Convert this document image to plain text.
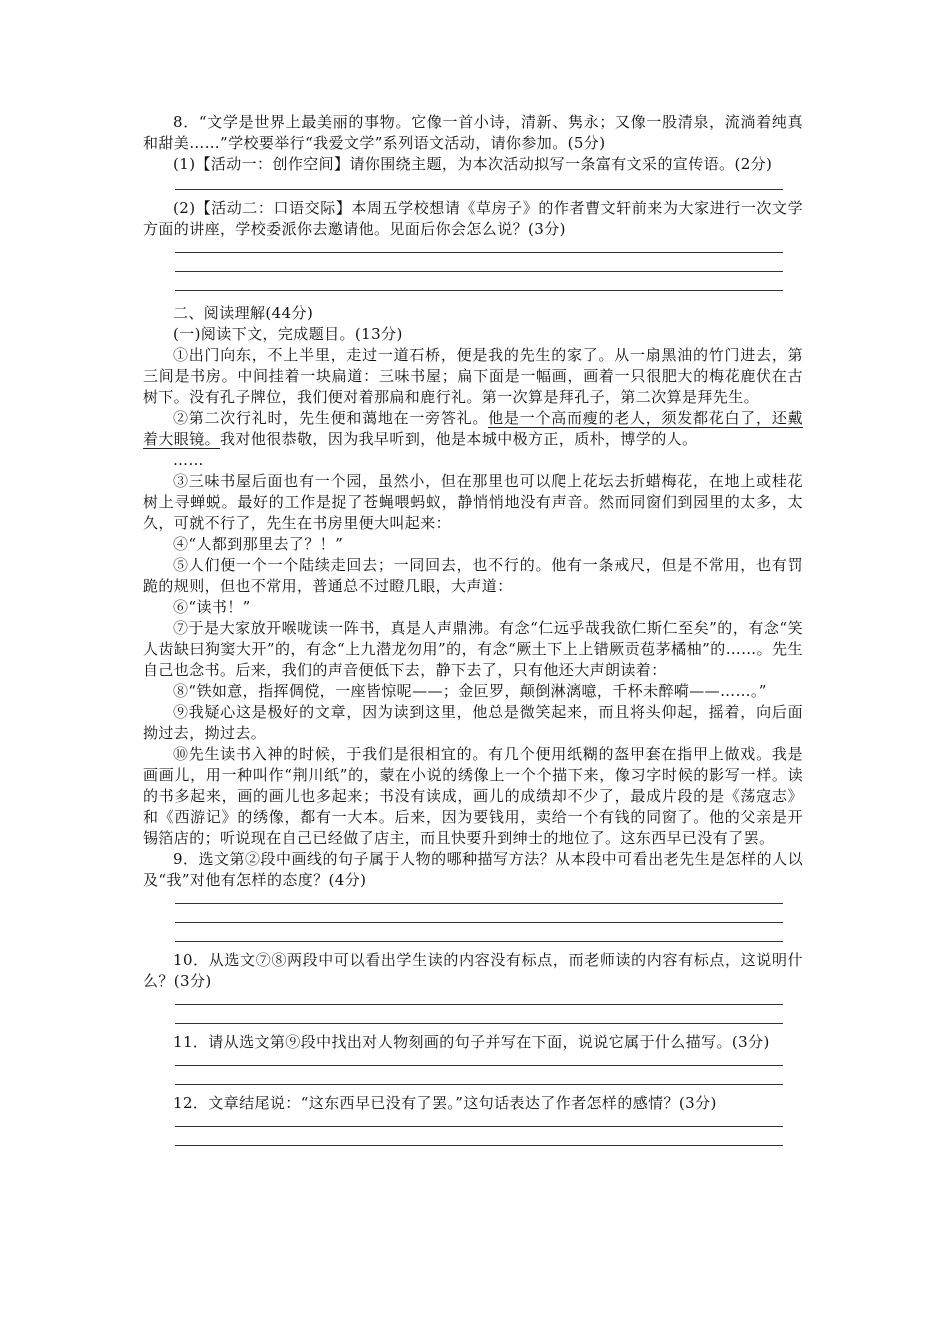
8．“文学是世界上最美丽的事物。它像一首小诗，清新、隽永；又像一股清泉，流淌着纯真和甜美……”学校要举行“我爱文学”系列语文活动，请你参加。(5分)

(1)【活动一：创作空间】请你围绕主题，为本次活动拟写一条富有文采的宣传语。(2分)

(2)【活动二：口语交际】本周五学校想请《草房子》的作者曹文轩前来为大家进行一次文学方面的讲座，学校委派你去邀请他。见面后你会怎么说？(3分)

二、阅读理解(44分)

(一)阅读下文，完成题目。(13分)

①出门向东，不上半里，走过一道石桥，便是我的先生的家了。从一扇黑油的竹门进去，第三间是书房。中间挂着一块扁道：三味书屋；扁下面是一幅画，画着一只很肥大的梅花鹿伏在古树下。没有孔子牌位，我们便对着那扁和鹿行礼。第一次算是拜孔子，第二次算是拜先生。

②第二次行礼时，先生便和蔼地在一旁答礼。他是一个高而瘦的老人，须发都花白了，还戴着大眼镜。我对他很恭敬，因为我早听到，他是本城中极方正，质朴，博学的人。

……

③三味书屋后面也有一个园，虽然小，但在那里也可以爬上花坛去折蜡梅花，在地上或桂花树上寻蝉蜕。最好的工作是捉了苍蝇喂蚂蚁，静悄悄地没有声音。然而同窗们到园里的太多，太久，可就不行了，先生在书房里便大叫起来：

④“人都到那里去了？！”

⑤人们便一个一个陆续走回去；一同回去，也不行的。他有一条戒尺，但是不常用，也有罚跪的规则，但也不常用，普通总不过瞪几眼，大声道：

⑥“读书！”

⑦于是大家放开喉咙读一阵书，真是人声鼎沸。有念“仁远乎哉我欲仁斯仁至矣”的，有念“笑人齿缺曰狗窦大开”的，有念“上九潜龙勿用”的，有念“厥土下上上错厥贡苞茅橘柚”的……。先生自己也念书。后来，我们的声音便低下去，静下去了，只有他还大声朗读着：

⑧“铁如意，指挥倜傥，一座皆惊呢——；金叵罗，颠倒淋漓噫，千杯未醉嗬——……。”

⑨我疑心这是极好的文章，因为读到这里，他总是微笑起来，而且将头仰起，摇着，向后面拗过去，拗过去。

⑩先生读书入神的时候，于我们是很相宜的。有几个便用纸糊的盔甲套在指甲上做戏。我是画画儿，用一种叫作“荆川纸”的，蒙在小说的绣像上一个个描下来，像习字时候的影写一样。读的书多起来，画的画儿也多起来；书没有读成，画儿的成绩却不少了，最成片段的是《荡寇志》和《西游记》的绣像，都有一大本。后来，因为要钱用，卖给一个有钱的同窗了。他的父亲是开锡箔店的；听说现在自己已经做了店主，而且快要升到绅士的地位了。这东西早已没有了罢。

9．选文第②段中画线的句子属于人物的哪种描写方法？从本段中可看出老先生是怎样的人以及“我”对他有怎样的态度？(4分)

10．从选文⑦⑧两段中可以看出学生读的内容没有标点，而老师读的内容有标点，这说明什么？(3分)

11．请从选文第⑨段中找出对人物刻画的句子并写在下面，说说它属于什么描写。(3分)

12．文章结尾说：“这东西早已没有了罢。”这句话表达了作者怎样的感情？(3分)
